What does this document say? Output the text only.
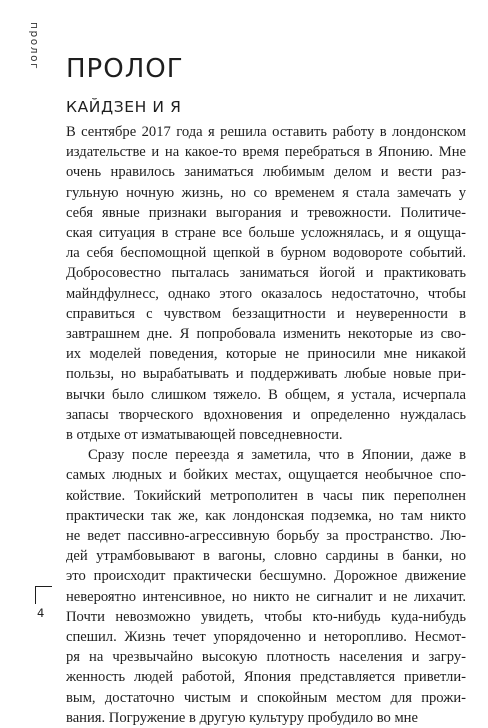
пролог ПРОЛОГ
КАЙДЗЕН И Я

В сентябре 2017 года я решила оставить работу в лондонском
издательстве и на какое-то время перебраться в Японию. Мне
очень нравилось заниматься любимым делом и вести раз-
гульную ночную жизнь, но со временем я стала замечать у
себя явные признаки выгорания и тревожности. Политиче-
ская ситуация в стране все больше усложнялась, и я ощуща-
ла себя беспомощной щепкой в бурном водовороте событий.
Добросовестно пыталась заниматься йогой и практиковать
майндфулнесс, однако этого оказалось недостаточно, чтобы
справиться с чувством беззащитности и неуверенности в
завтрашнем дне. Я попробовала изменить некоторые из сво-
их моделей поведения, которые не приносили мне никакой
пользы, но вырабатывать и поддерживать любые новые при-
вычки было слишком тяжело. В общем, я устала, исчерпала
запасы творческого вдохновения и определенно нуждалась
в отдыхе от изматывающей повседневности.

Сразу после переезда я заметила, что в Японии, даже в
самых людных и бойких местах, ощущается необычное спо-
койствие. Токийский метрополитен в часы пик переполнен
практически так же, как лондонская подземка, но там никто
не ведет пассивно-агрессивную борьбу за пространство. Лю-
дей утрамбовывают в вагоны, словно сардины в банки, но
это происходит практически бесшумно. Дорожное движение
невероятно интенсивное, но никто не сигналит и не лихачит.
Почти невозможно увидеть, чтобы кто-нибудь куда-нибудь
спешил. Жизнь течет упорядоченно и неторопливо. Несмот-
ря на чрезвычайно высокую плотность населения и загру-
женность людей работой, Япония представляется приветли-
вым, достаточно чистым и спокойным местом для прожи-
вания. Погружение в другую культуру пробудило во мне

4
